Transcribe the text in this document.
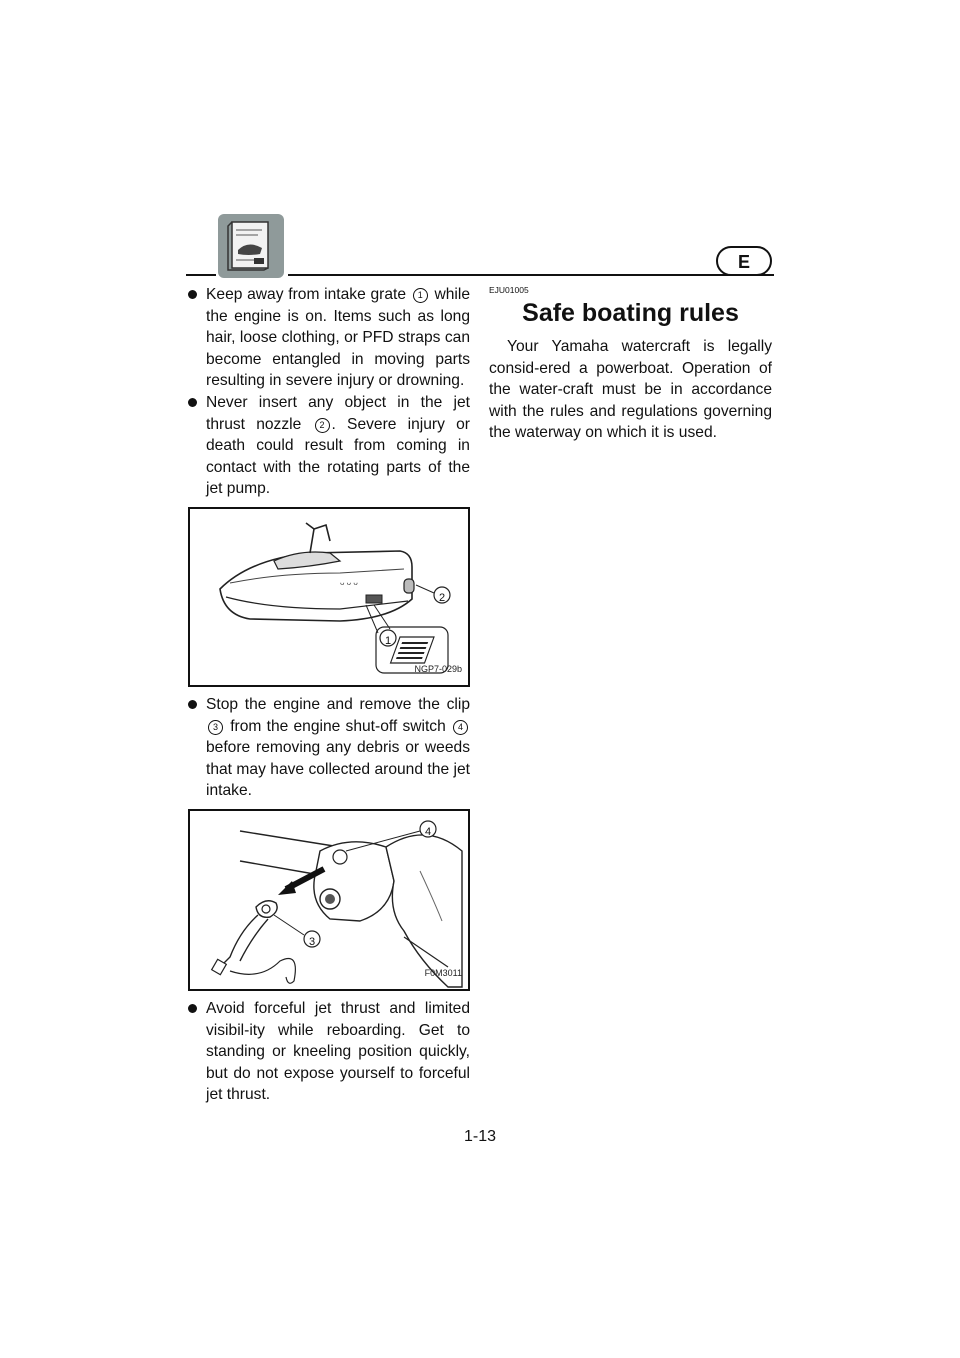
E

Keep away from intake grate 1 while the engine is on. Items such as long hair, loose clothing, or PFD straps can become entangled in moving parts resulting in severe injury or drowning.

Never insert any object in the jet thrust nozzle 2 . Severe injury or death could result from coming in contact with the rotating parts of the jet pump.

ᴗ ᴗ ᴗ
2
1
NGP7-029b

Stop the engine and remove the clip 3 from the engine shut-off switch 4 before removing any debris or weeds that may have collected around the jet intake.

4
3
F0M3011

Avoid forceful jet thrust and limited visibil-ity while reboarding. Get to standing or kneeling position quickly, but do not expose yourself to forceful jet thrust.

EJU01005
Safe boating rules

Your Yamaha watercraft is legally consid-ered a powerboat. Operation of the water-craft must be in accordance with the rules and regulations governing the waterway on which it is used.

1-13
